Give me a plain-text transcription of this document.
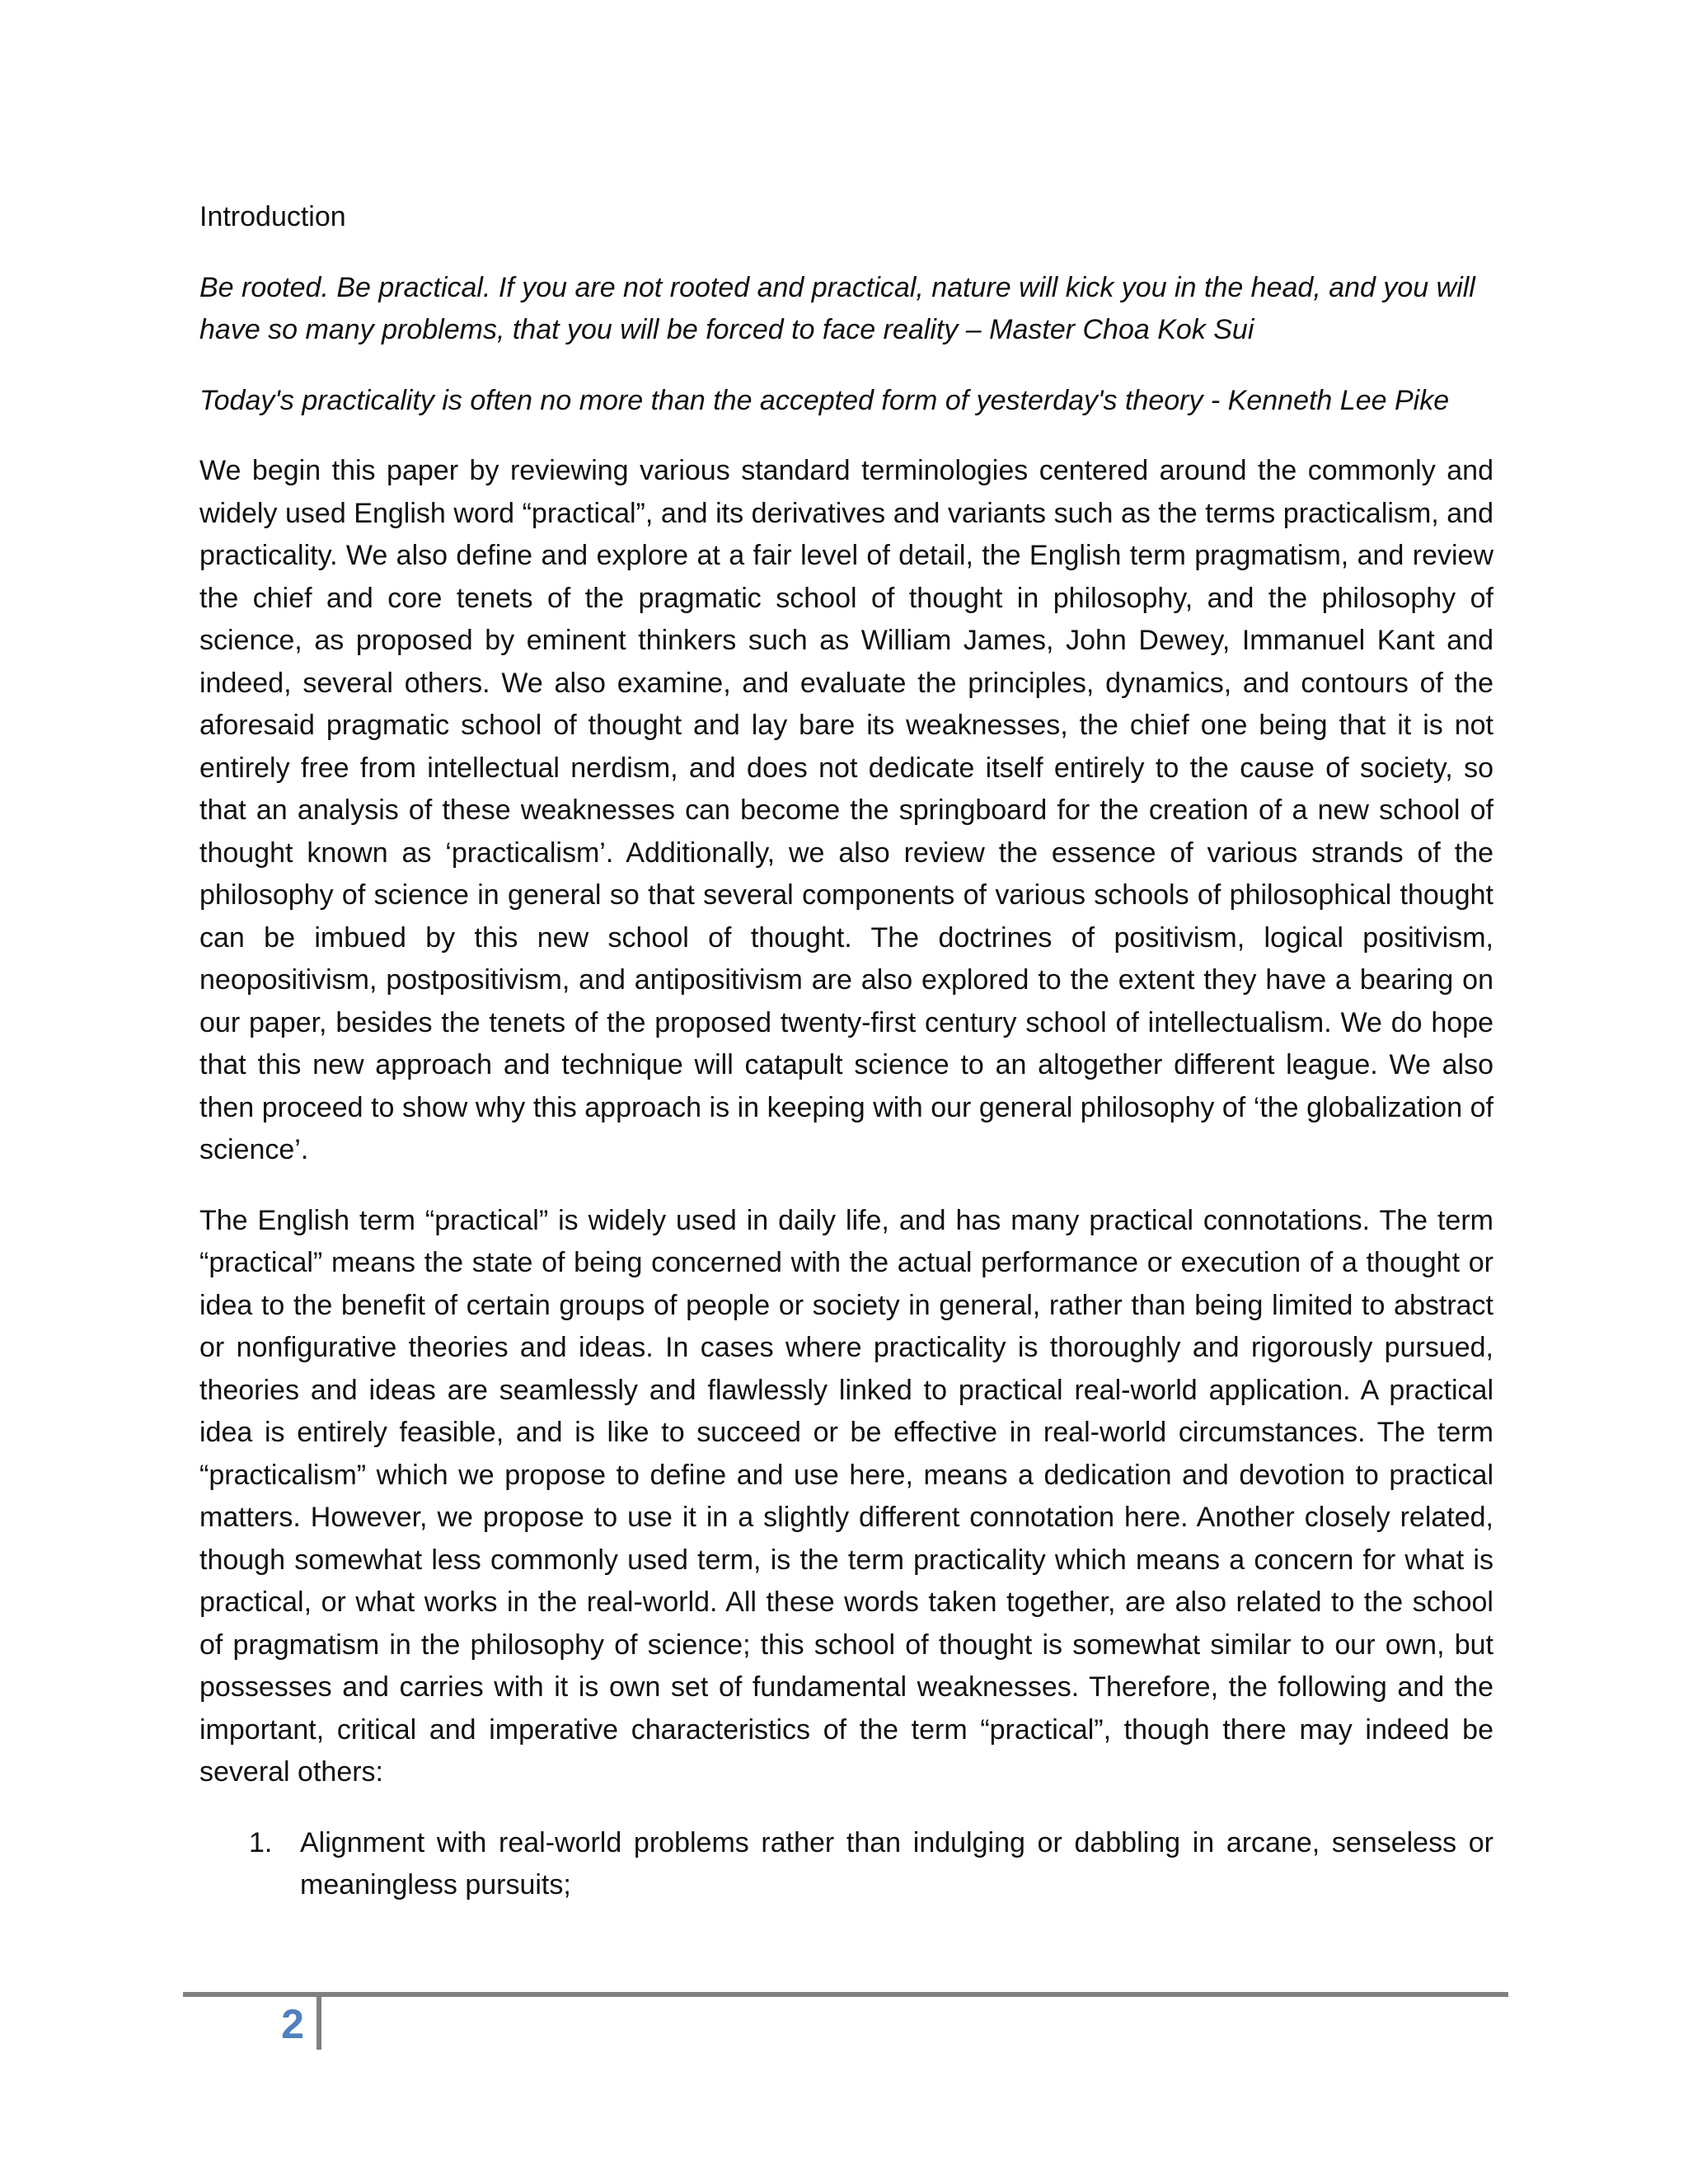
Introduction

Be rooted. Be practical. If you are not rooted and practical, nature will kick you in the head, and you will have so many problems, that you will be forced to face reality – Master Choa Kok Sui

Today's practicality is often no more than the accepted form of yesterday's theory - Kenneth Lee Pike

We begin this paper by reviewing various standard terminologies centered around the commonly and widely used English word “practical”, and its derivatives and variants such as the terms practicalism, and practicality. We also define and explore at a fair level of detail, the English term pragmatism, and review the chief and core tenets of the pragmatic school of thought in philosophy, and the philosophy of science, as proposed by eminent thinkers such as William James, John Dewey, Immanuel Kant and indeed, several others. We also examine, and evaluate the principles, dynamics, and contours of the aforesaid pragmatic school of thought and lay bare its weaknesses, the chief one being that it is not entirely free from intellectual nerdism, and does not dedicate itself entirely to the cause of society, so that an analysis of these weaknesses can become the springboard for the creation of a new school of thought known as ‘practicalism’. Additionally, we also review the essence of various strands of the philosophy of science in general so that several components of various schools of philosophical thought can be imbued by this new school of thought. The doctrines of positivism, logical positivism, neopositivism, postpositivism, and antipositivism are also explored to the extent they have a bearing on our paper, besides the tenets of the proposed twenty-first century school of intellectualism. We do hope that this new approach and technique will catapult science to an altogether different league. We also then proceed to show why this approach is in keeping with our general philosophy of ‘the globalization of science’.

The English term “practical” is widely used in daily life, and has many practical connotations. The term “practical” means the state of being concerned with the actual performance or execution of a thought or idea to the benefit of certain groups of people or society in general, rather than being limited to abstract or nonfigurative theories and ideas. In cases where practicality is thoroughly and rigorously pursued, theories and ideas are seamlessly and flawlessly linked to practical real-world application. A practical idea is entirely feasible, and is like to succeed or be effective in real-world circumstances. The term “practicalism” which we propose to define and use here, means a dedication and devotion to practical matters. However, we propose to use it in a slightly different connotation here. Another closely related, though somewhat less commonly used term, is the term practicality which means a concern for what is practical, or what works in the real-world. All these words taken together, are also related to the school of pragmatism in the philosophy of science; this school of thought is somewhat similar to our own, but possesses and carries with it is own set of fundamental weaknesses. Therefore, the following and the important, critical and imperative characteristics of the term “practical”, though there may indeed be several others:

1. Alignment with real-world problems rather than indulging or dabbling in arcane, senseless or meaningless pursuits;
2
